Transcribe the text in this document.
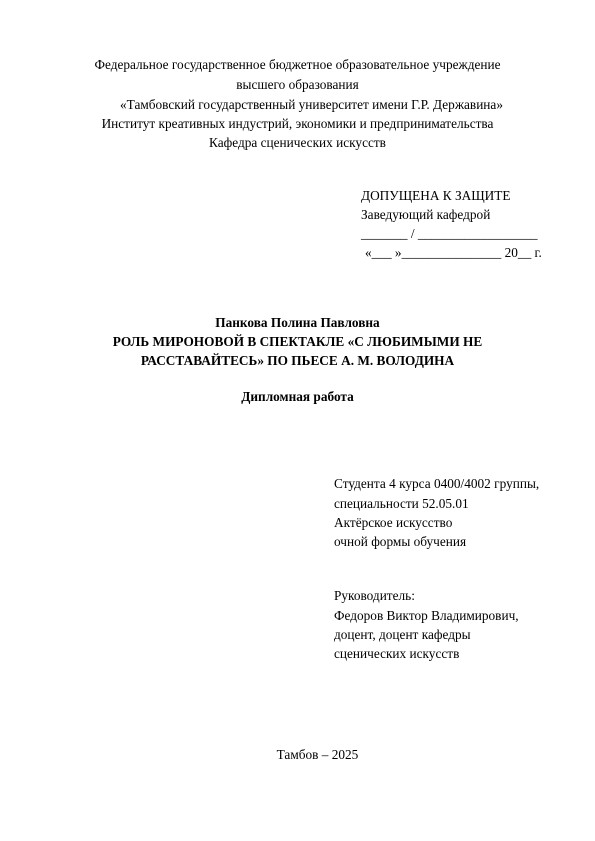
Федеральное государственное бюджетное образовательное учреждение
высшего образования
«Тамбовский государственный университет имени Г.Р. Державина»
Институт креативных индустрий, экономики и предпринимательства
Кафедра сценических искусств
ДОПУЩЕНА К ЗАЩИТЕ
Заведующий кафедрой
_______ / __________________
«___ »_______________ 20__ г.
Панкова Полина Павловна
РОЛЬ МИРОНОВОЙ В СПЕКТАКЛЕ «С ЛЮБИМЫМИ НЕ
РАССТАВАЙТЕСЬ» ПО ПЬЕСЕ А. М. ВОЛОДИНА
Дипломная работа
Студента 4 курса 0400/4002 группы,
специальности 52.05.01
Актёрское искусство
очной формы обучения
Руководитель:
Федоров Виктор Владимирович,
доцент, доцент кафедры
сценических искусств
Тамбов – 2025
